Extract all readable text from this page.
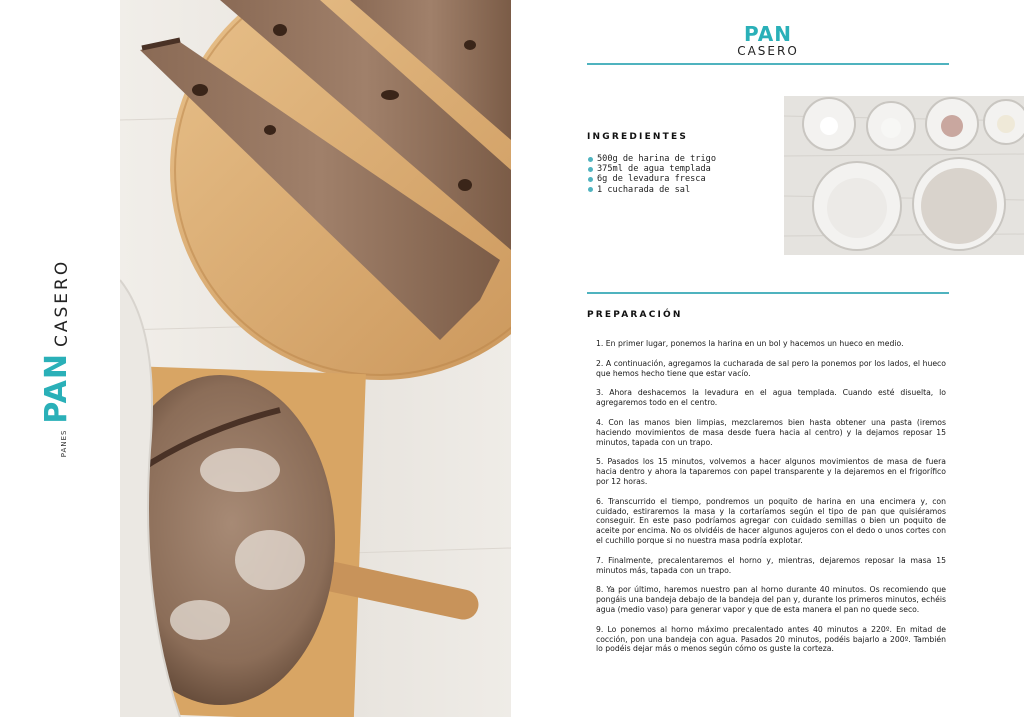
PANES
PAN
CASERO
PAN
CASERO
INGREDIENTES
500g de harina de trigo
375ml de agua templada
6g de levadura fresca
1 cucharada de sal
PREPARACIÓN

1. En primer lugar, ponemos la harina en un bol y hacemos un hueco en medio.

2. A continuación, agregamos la cucharada de sal pero la ponemos por los lados, el hueco que hemos hecho tiene que estar vacío.

3. Ahora deshacemos la levadura en el agua templada. Cuando esté disuelta, lo agregaremos todo en el centro.

4. Con las manos bien limpias, mezclaremos bien hasta obtener una pasta (iremos haciendo movimientos de masa desde fuera hacia al centro) y la dejamos reposar 15 minutos, tapada con un trapo.

5. Pasados los 15 minutos, volvemos a hacer algunos movimientos de masa de fuera hacia dentro y ahora la taparemos con papel transparente y la dejaremos en el frigorífico por 12 horas.

6. Transcurrido el tiempo, pondremos un poquito de harina en una encimera y, con cuidado, estiraremos la masa y la cortaríamos según el tipo de pan que quisiéramos conseguir. En este paso podríamos agregar con cuidado semillas o bien un poquito de aceite por encima. No os olvidéis de hacer algunos agujeros con el dedo o unos cortes con el cuchillo porque si no nuestra masa podría explotar.

7. Finalmente, precalentaremos el horno y, mientras, dejaremos reposar la masa 15 minutos más, tapada con un trapo.

8. Ya por último, haremos nuestro pan al horno durante 40 minutos. Os recomiendo que pongáis una bandeja debajo de la bandeja del pan y, durante los primeros minutos, echéis agua (medio vaso) para generar vapor y que de esta manera el pan no quede seco.

9. Lo ponemos al horno máximo precalentado antes 40 minutos a 220º. En mitad de cocción, pon una bandeja con agua. Pasados 20 minutos, podéis bajarlo a 200º. También lo podéis dejar más o menos según cómo os guste la corteza.
